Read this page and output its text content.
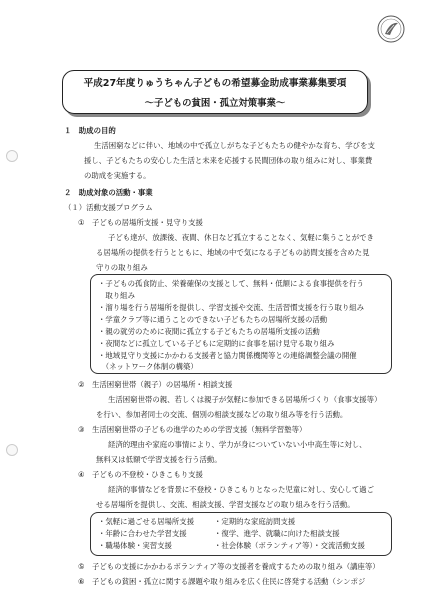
平成27年度りゅうちゃん子どもの希望募金助成事業募集要項
～子どもの貧困・孤立対策事業～
１　助成の目的
生活困窮などに伴い、地域の中で孤立しがちな子どもたちの健やかな育ち、学びを支
援し、子どもたちの安心した生活と未来を応援する民間団体の取り組みに対し、事業費
の助成を実施する。
２　助成対象の活動・事業
（１）活動支援プログラム
①　子どもの居場所支援・見守り支援
子ども達が、放課後、夜間、休日など孤立することなく、気軽に集うことができ
る居場所の提供を行うとともに、地域の中で気になる子どもの訪問支援を含めた見
守りの取り組み
・子どもの孤食防止、栄養確保の支援として、無料・低額による食事提供を行う
　取り組み
・溜り場を行う居場所を提供し、学習支援や交流、生活習慣支援を行う取り組み
・学童クラブ等に通うことのできない子どもたちの居場所支援の活動
・親の就労のために夜間に孤立する子どもたちの居場所支援の活動
・夜間などに孤立している子どもに定期的に食事を届け見守る取り組み
・地域見守り支援にかかわる支援者と協力関係機関等との連絡調整会議の開催
　（ネットワーク体制の構築）
②　生活困窮世帯（親子）の居場所・相談支援
生活困窮世帯の親、若しくは親子が気軽に参加できる居場所づくり（食事支援等）
を行い、参加者同士の交流、個別の相談支援などの取り組み等を行う活動。
③　生活困窮世帯の子どもの進学のための学習支援（無料学習塾等）
経済的理由や家庭の事情により、学力が身についていない小中高生等に対し、
無料又は低額で学習支援を行う活動。
④　子どもの不登校・ひきこもり支援
経済的事情などを背景に不登校・ひきこもりとなった児童に対し、安心して過ご
せる居場所を提供し、交流、相談支援、学習支援などの取り組みを行う活動。
・気軽に過ごせる居場所支援
・年齢に合わせた学習支援
・職場体験・実習支援
・定期的な家庭訪問支援
・復学、進学、就職に向けた相談支援
・社会体験（ボランティア等）・交流活動支援
⑤　子どもの支援にかかわるボランティア等の支援者を養成するための取り組み（講座等）
⑥　子どもの貧困・孤立に関する課題や取り組みを広く住民に啓発する活動（シンポジ
